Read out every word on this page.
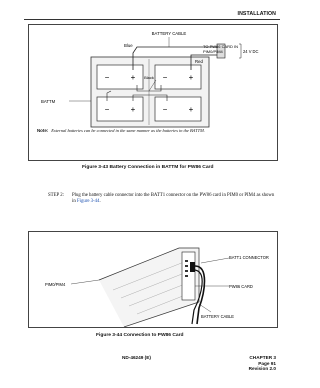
INSTALLATION
−	+	−	+
−	+	−	+
BATTERY CABLE
Blue
Red
TO PW86 CARD IN
PIM0/PIM4	24 V DC
BATTM
Black
Note: External batteries can be connected in the same manner as the batteries in the BATTM.
Figure 3-43 Battery Connection in BATTM for PW86 Card
STEP 2: Plug the battery cable connector into the BATT1 connector on the PW86 card in PIM0 or PIM4 as shown in Figure 3-44.
BATT1 CONNECTOR
PIM0/PIM4	PW86 CARD
BATTERY CABLE
Figure 3-44 Connection to PW86 Card
ND-46249 (E)	CHAPTER 3
Page 91
Revision 2.0
